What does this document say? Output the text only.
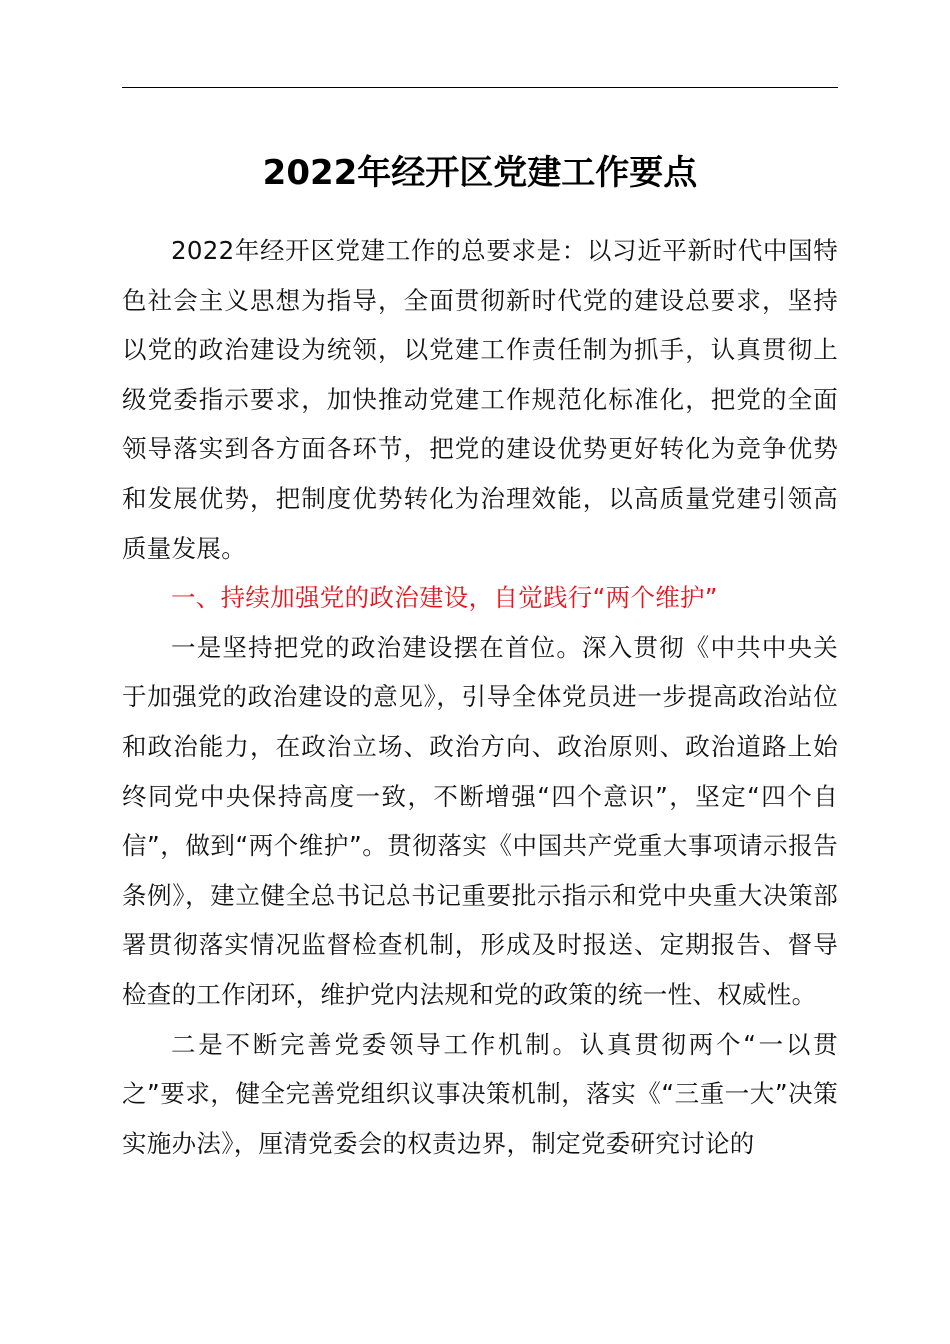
2022年经开区党建工作要点

2022年经开区党建工作的总要求是：以习近平新时代中国特色社会主义思想为指导，全面贯彻新时代党的建设总要求，坚持以党的政治建设为统领，以党建工作责任制为抓手，认真贯彻上级党委指示要求，加快推动党建工作规范化标准化，把党的全面领导落实到各方面各环节，把党的建设优势更好转化为竞争优势和发展优势，把制度优势转化为治理效能，以高质量党建引领高质量发展。

一、持续加强党的政治建设，自觉践行“两个维护”

一是坚持把党的政治建设摆在首位。深入贯彻《中共中央关于加强党的政治建设的意见》，引导全体党员进一步提高政治站位和政治能力，在政治立场、政治方向、政治原则、政治道路上始终同党中央保持高度一致，不断增强“四个意识”，坚定“四个自信”，做到“两个维护”。贯彻落实《中国共产党重大事项请示报告条例》，建立健全总书记总书记重要批示指示和党中央重大决策部署贯彻落实情况监督检查机制，形成及时报送、定期报告、督导检查的工作闭环，维护党内法规和党的政策的统一性、权威性。

二是不断完善党委领导工作机制。认真贯彻两个“一以贯之”要求，健全完善党组织议事决策机制，落实《“三重一大”决策实施办法》，厘清党委会的权责边界，制定党委研究讨论的
